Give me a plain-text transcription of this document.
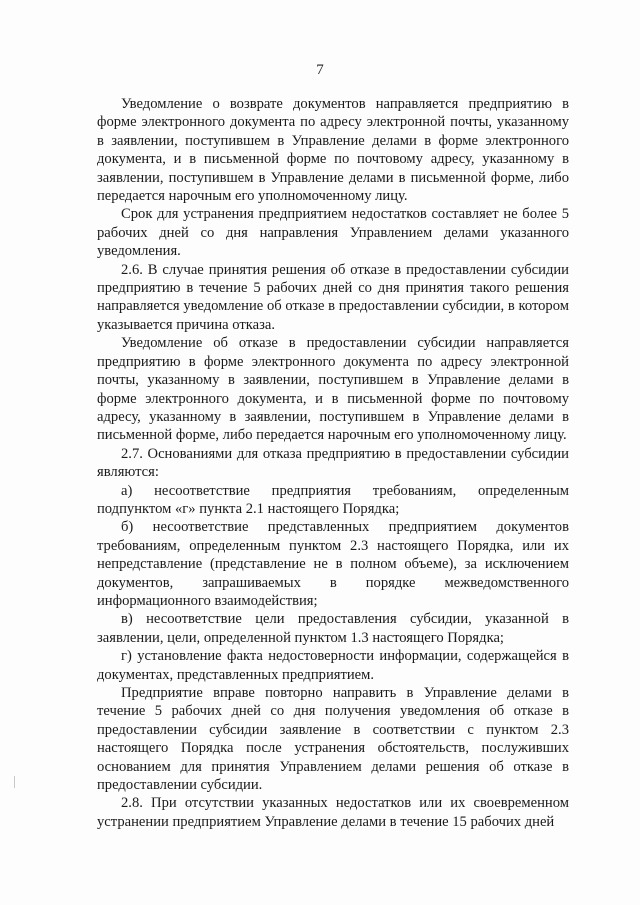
7

Уведомление о возврате документов направляется предприятию в форме электронного документа по адресу электронной почты, указанному в заявлении, поступившем в Управление делами в форме электронного документа, и в письменной форме по почтовому адресу, указанному в заявлении, поступившем в Управление делами в письменной форме, либо передается нарочным его уполномоченному лицу.

Срок для устранения предприятием недостатков составляет не более 5 рабочих дней со дня направления Управлением делами указанного уведомления.

2.6. В случае принятия решения об отказе в предоставлении субсидии предприятию в течение 5 рабочих дней со дня принятия такого решения направляется уведомление об отказе в предоставлении субсидии, в котором указывается причина отказа.

Уведомление об отказе в предоставлении субсидии направляется предприятию в форме электронного документа по адресу электронной почты, указанному в заявлении, поступившем в Управление делами в форме электронного документа, и в письменной форме по почтовому адресу, указанному в заявлении, поступившем в Управление делами в письменной форме, либо передается нарочным его уполномоченному лицу.

2.7. Основаниями для отказа предприятию в предоставлении субсидии являются:

а) несоответствие предприятия требованиям, определенным подпунктом «г» пункта 2.1 настоящего Порядка;

б) несоответствие представленных предприятием документов требованиям, определенным пунктом 2.3 настоящего Порядка, или их непредставление (представление не в полном объеме), за исключением документов, запрашиваемых в порядке межведомственного информационного взаимодействия;

в) несоответствие цели предоставления субсидии, указанной в заявлении, цели, определенной пунктом 1.3 настоящего Порядка;

г) установление факта недостоверности информации, содержащейся в документах, представленных предприятием.

Предприятие вправе повторно направить в Управление делами в течение 5 рабочих дней со дня получения уведомления об отказе в предоставлении субсидии заявление в соответствии с пунктом 2.3 настоящего Порядка после устранения обстоятельств, послуживших основанием для принятия Управлением делами решения об отказе в предоставлении субсидии.

2.8. При отсутствии указанных недостатков или их своевременном устранении предприятием Управление делами в течение 15 рабочих дней
